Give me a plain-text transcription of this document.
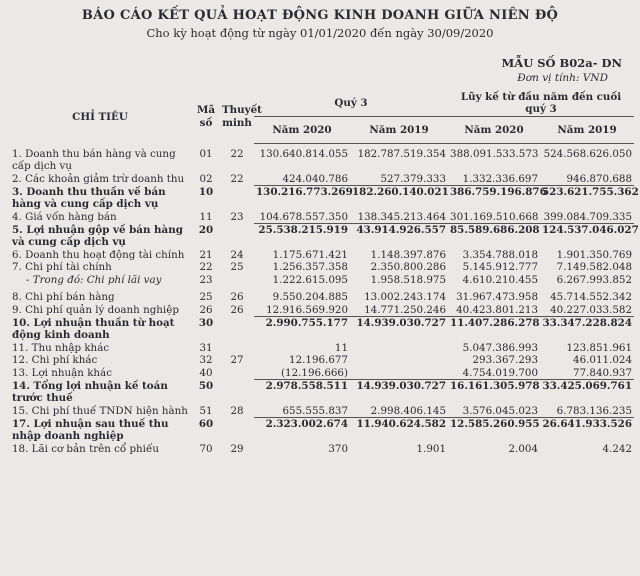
BÁO CÁO KẾT QUẢ HOẠT ĐỘNG KINH DOANH GIỮA NIÊN ĐỘ
Cho kỳ hoạt động từ ngày 01/01/2020 đến ngày 30/09/2020
MẪU SỐ B02a- DN
Đơn vị tính: VND
CHỈ TIÊU	Mã số	Thuyết minh	Quý 3		Lũy kế từ đầu năm đến cuối quý 3	
			Năm 2020	Năm 2019	Năm 2020	Năm 2019
1. Doanh thu bán hàng và cung cấp dịch vụ	01	22	130.640.814.055	182.787.519.354	388.091.533.573	524.568.626.050
2. Các khoản giảm trừ doanh thu	02	22	424.040.786	527.379.333	1.332.336.697	946.870.688
3. Doanh thu thuần về bán hàng và cung cấp dịch vụ	10		130.216.773.269	182.260.140.021	386.759.196.876	523.621.755.362
4. Giá vốn hàng bán	11	23	104.678.557.350	138.345.213.464	301.169.510.668	399.084.709.335
5. Lợi nhuận gộp về bán hàng và cung cấp dịch vụ	20		25.538.215.919	43.914.926.557	85.589.686.208	124.537.046.027
6. Doanh thu hoạt động tài chính	21	24	1.175.671.421	1.148.397.876	3.354.788.018	1.901.350.769
7. Chi phí tài chính	22	25	1.256.357.358	2.350.800.286	5.145.912.777	7.149.582.048
- Trong đó: Chi phí lãi vay	23		1.222.615.095	1.958.518.975	4.610.210.455	6.267.993.852
8. Chi phí bán hàng	25	26	9.550.204.885	13.002.243.174	31.967.473.958	45.714.552.342
9. Chi phí quản lý doanh nghiệp	26	26	12.916.569.920	14.771.250.246	40.423.801.213	40.227.033.582
10. Lợi nhuận thuần từ hoạt động kinh doanh	30		2.990.755.177	14.939.030.727	11.407.286.278	33.347.228.824
11. Thu nhập khác	31		11		5.047.386.993	123.851.961
12. Chi phí khác	32	27	12.196.677		293.367.293	46.011.024
13. Lợi nhuận khác	40		(12.196.666)		4.754.019.700	77.840.937
14. Tổng lợi nhuận kế toán trước thuế	50		2.978.558.511	14.939.030.727	16.161.305.978	33.425.069.761
15. Chi phí thuế TNDN hiện hành	51	28	655.555.837	2.998.406.145	3.576.045.023	6.783.136.235
17. Lợi nhuận sau thuế thu nhập doanh nghiệp	60		2.323.002.674	11.940.624.582	12.585.260.955	26.641.933.526
18. Lãi cơ bản trên cổ phiếu	70	29	370	1.901	2.004	4.242
